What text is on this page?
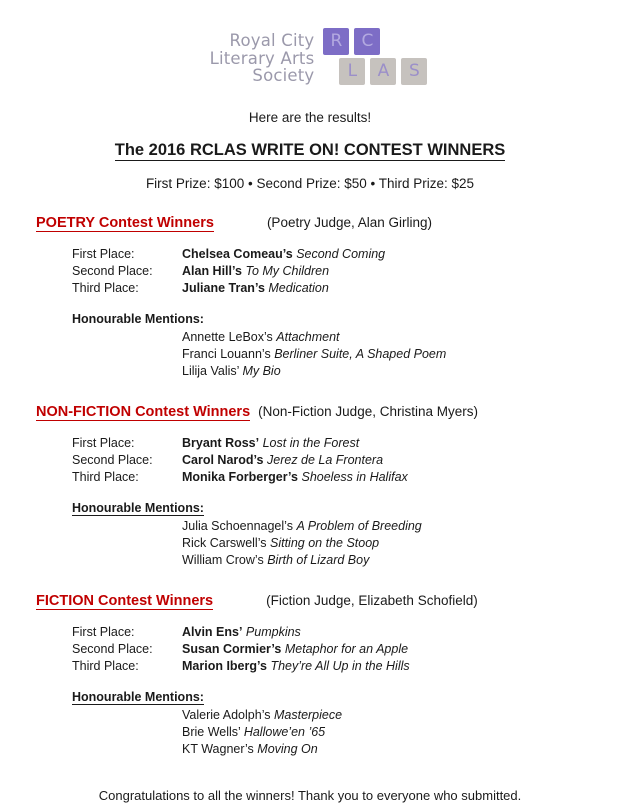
Royal City
Literary Arts
Society
R	C
L	A	S
Here are the results!
The 2016 RCLAS WRITE ON! CONTEST WINNERS
First Prize: $100 • Second Prize: $50 • Third Prize: $25
POETRY Contest Winners	(Poetry Judge, Alan Girling)
First Place:	Chelsea Comeau’s Second Coming
Second Place:	Alan Hill’s To My Children
Third Place:	Juliane Tran’s Medication
Honourable Mentions:
Annette LeBox’s Attachment
Franci Louann’s Berliner Suite, A Shaped Poem
Lilija Valis’ My Bio
NON-FICTION Contest Winners (Non-Fiction Judge, Christina Myers)
First Place:	Bryant Ross’ Lost in the Forest
Second Place:	Carol Narod’s Jerez de La Frontera
Third Place:	Monika Forberger’s Shoeless in Halifax
Honourable Mentions:
Julia Schoennagel’s A Problem of Breeding
Rick Carswell’s Sitting on the Stoop
William Crow’s Birth of Lizard Boy
FICTION Contest Winners	(Fiction Judge, Elizabeth Schofield)
First Place:	Alvin Ens’ Pumpkins
Second Place:	Susan Cormier’s Metaphor for an Apple
Third Place:	Marion Iberg’s They’re All Up in the Hills
Honourable Mentions:
Valerie Adolph’s Masterpiece
Brie Wells’ Hallowe’en ’65
KT Wagner’s Moving On
Congratulations to all the winners! Thank you to everyone who submitted.
